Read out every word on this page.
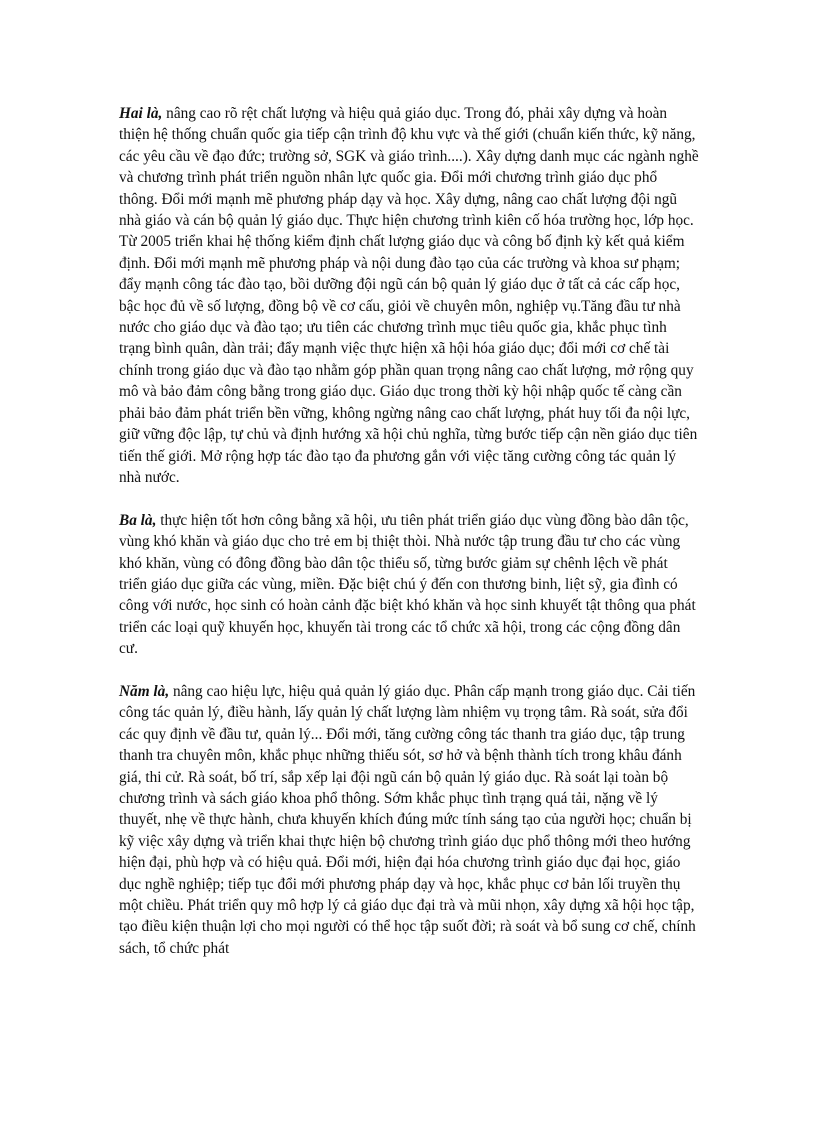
Hai là, nâng cao rõ rệt chất lượng và hiệu quả giáo dục. Trong đó, phải xây dựng và hoàn thiện hệ thống chuẩn quốc gia tiếp cận trình độ khu vực và thế giới (chuẩn kiến thức, kỹ năng, các yêu cầu về đạo đức; trường sở, SGK và giáo trình....). Xây dựng danh mục các ngành nghề và chương trình phát triển nguồn nhân lực quốc gia. Đổi mới chương trình giáo dục phổ thông. Đổi mới mạnh mẽ phương pháp dạy và học. Xây dựng, nâng cao chất lượng đội ngũ nhà giáo và cán bộ quản lý giáo dục. Thực hiện chương trình kiên cố hóa trường học, lớp học. Từ 2005 triển khai hệ thống kiểm định chất lượng giáo dục và công bố định kỳ kết quả kiểm định. Đổi mới mạnh mẽ phương pháp và nội dung đào tạo của các trường và khoa sư phạm; đẩy mạnh công tác đào tạo, bồi dưỡng đội ngũ cán bộ quản lý giáo dục ở tất cả các cấp học, bậc học đủ về số lượng, đồng bộ về cơ cấu, giỏi về chuyên môn, nghiệp vụ.Tăng đầu tư nhà nước cho giáo dục và đào tạo; ưu tiên các chương trình mục tiêu quốc gia, khắc phục tình trạng bình quân, dàn trải; đẩy mạnh việc thực hiện xã hội hóa giáo dục; đổi mới cơ chế tài chính trong giáo dục và đào tạo nhằm góp phần quan trọng nâng cao chất lượng, mở rộng quy mô và bảo đảm công bằng trong giáo dục. Giáo dục trong thời kỳ hội nhập quốc tế càng cần phải bảo đảm phát triển bền vững, không ngừng nâng cao chất lượng, phát huy tối đa nội lực, giữ vững độc lập, tự chủ và định hướng xã hội chủ nghĩa, từng bước tiếp cận nền giáo dục tiên tiến thế giới. Mở rộng hợp tác đào tạo đa phương gắn với việc tăng cường công tác quản lý nhà nước.

Ba là, thực hiện tốt hơn công bằng xã hội, ưu tiên phát triển giáo dục vùng đồng bào dân tộc, vùng khó khăn và giáo dục cho trẻ em bị thiệt thòi. Nhà nước tập trung đầu tư cho các vùng khó khăn, vùng có đông đồng bào dân tộc thiểu số, từng bước giảm sự chênh lệch về phát triển giáo dục giữa các vùng, miền. Đặc biệt chú ý đến con thương binh, liệt sỹ, gia đình có công với nước, học sinh có hoàn cảnh đặc biệt khó khăn và học sinh khuyết tật thông qua phát triển các loại quỹ khuyến học, khuyến tài trong các tổ chức xã hội, trong các cộng đồng dân cư.

Năm là, nâng cao hiệu lực, hiệu quả quản lý giáo dục. Phân cấp mạnh trong giáo dục. Cải tiến công tác quản lý, điều hành, lấy quản lý chất lượng làm nhiệm vụ trọng tâm. Rà soát, sửa đổi các quy định về đầu tư, quản lý... Đổi mới, tăng cường công tác thanh tra giáo dục, tập trung thanh tra chuyên môn, khắc phục những thiếu sót, sơ hở và bệnh thành tích trong khâu đánh giá, thi cử. Rà soát, bố trí, sắp xếp lại đội ngũ cán bộ quản lý giáo dục. Rà soát lại toàn bộ chương trình và sách giáo khoa phổ thông. Sớm khắc phục tình trạng quá tải, nặng về lý thuyết, nhẹ về thực hành, chưa khuyến khích đúng mức tính sáng tạo của người học; chuẩn bị kỹ việc xây dựng và triển khai thực hiện bộ chương trình giáo dục phổ thông mới theo hướng hiện đại, phù hợp và có hiệu quả. Đổi mới, hiện đại hóa chương trình giáo dục đại học, giáo dục nghề nghiệp; tiếp tục đổi mới phương pháp dạy và học, khắc phục cơ bản lối truyền thụ một chiều. Phát triển quy mô hợp lý cả giáo dục đại trà và mũi nhọn, xây dựng xã hội học tập, tạo điều kiện thuận lợi cho mọi người có thể học tập suốt đời; rà soát và bổ sung cơ chế, chính sách, tổ chức phát
